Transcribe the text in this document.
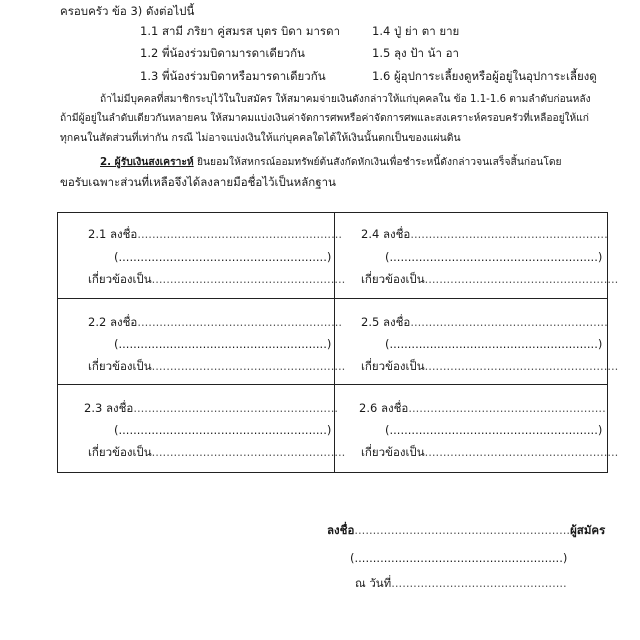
ครอบครัว ข้อ 3) ดังต่อไปนี้
1.1 สามี ภริยา คู่สมรส บุตร บิดา มารดา	1.4 ปู่ ย่า ตา ยาย
1.2 พี่น้องร่วมบิดามารดาเดียวกัน	1.5 ลุง ป้า น้า อา
1.3 พี่น้องร่วมบิดาหรือมารดาเดียวกัน	1.6 ผู้อุปการะเลี้ยงดูหรือผู้อยู่ในอุปการะเลี้ยงดู
ถ้าไม่มีบุคคลที่สมาชิกระบุไว้ในใบสมัคร ให้สมาคมจ่ายเงินดังกล่าวให้แก่บุคคลใน ข้อ 1.1-1.6 ตามลำดับก่อนหลัง
ถ้ามีผู้อยู่ในลำดับเดียวกันหลายคน ให้สมาคมแบ่งเงินค่าจัดการศพหรือค่าจัดการศพและสงเคราะห์ครอบครัวที่เหลืออยู่ให้แก่
ทุกคนในสัดส่วนที่เท่ากัน กรณี ไม่อาจแบ่งเงินให้แก่บุคคลใดได้ให้เงินนั้นตกเป็นของแผ่นดิน
2. ผู้รับเงินสงเคราะห์ ยินยอมให้สหกรณ์ออมทรัพย์ต้นสังกัดหักเงินเพื่อชำระหนี้ดังกล่าวจนเสร็จสิ้นก่อนโดย
ขอรับเฉพาะส่วนที่เหลือจึงได้ลงลายมือชื่อไว้เป็นหลักฐาน
2.1 ลงชื่อ........................................................
(.........................................................)
เกี่ยวข้องเป็น.....................................................
2.4 ลงชื่อ......................................................
(.........................................................)
เกี่ยวข้องเป็น.....................................................
2.2 ลงชื่อ........................................................
(.........................................................)
เกี่ยวข้องเป็น.....................................................
2.5 ลงชื่อ......................................................
(.........................................................)
เกี่ยวข้องเป็น.....................................................
2.3 ลงชื่อ........................................................
(.........................................................)
เกี่ยวข้องเป็น.....................................................
2.6 ลงชื่อ......................................................
(.........................................................)
เกี่ยวข้องเป็น.....................................................
ลงชื่อ...........................................................ผู้สมัคร
(.........................................................)
ณ วันที่................................................
